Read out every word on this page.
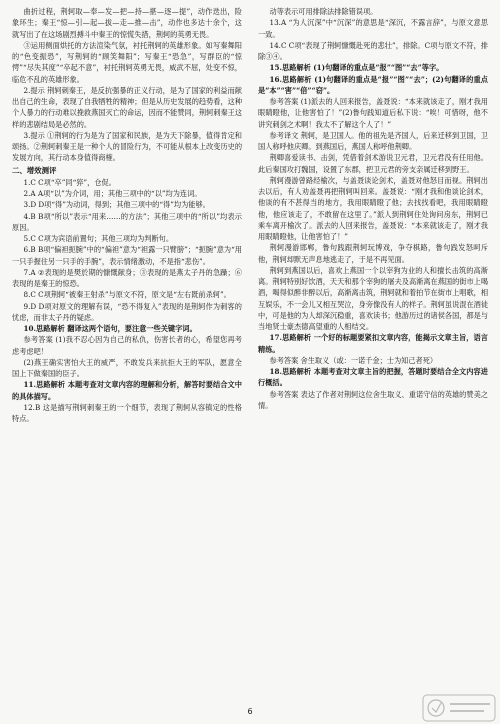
曲折过程，荆轲取—奉—发—把—持—揕—逐—提”，动作迭出，险象环生；秦王“惊—引—起—拔—走—推—击”，动作也多达十余个，这就写出了在这场剧烈搏斗中秦王的惊慌失措，荆轲的英勇无畏。

③运用侧面烘托的方法渲染气氛，衬托荆轲的英雄形象。如写秦舞阳的“色变振恐”，写荆轲的“顾笑舞阳”；写秦王“恐急”，写群臣的“惊愕”“尽失其度”“卒起不意”，衬托荆轲英勇无畏，威武不屈，处变不惊，临危不乱的英雄形象。

2.提示 荆轲刺秦王，是反抗强暴的正义行动，是为了国家的利益而献出自己的生命，表现了自我牺牲的精神；但是从历史发展的趋势看，这种个人暴力的行动难以挽救燕国灭亡的命运，因而不能赞同，荆轲刺秦王这样的悲剧结局是必然的。

3.提示 ①荆轲的行为是为了国家和民族，是为天下除暴，值得肯定和颂扬。②荆轲刺秦王是一种个人的冒险行为，不可能从根本上改变历史的发展方向，其行动本身值得商榷。

二、增效测评

1.C C项“卒”同“猝”，仓促。

2.A A项“以”为介词，用；其他三项中的“以”均为连词。

3.D D项“得”为动词，得到；其他三项中的“得”均为能够。

4.B B项“所以”表示“用来……的方法”；其他三项中的“所以”均表示原因。

5.C C项为宾语前置句；其他三项均为判断句。

6.B B项“偏袒扼腕”中的“偏袒”意为“袒露一只臂膀”；“扼腕”意为“用一只手握住另一只手的手腕”，表示情绪激动，不是指“悲伤”。

7.A ②表现的是樊於期的慷慨献身；③表现的是燕太子丹的急躁；⑥表现的是秦王的惊恐。

8.C C项荆轲“被秦王射杀”与原文不符，原文是“左右既前杀轲”。

9.D D项对原文的理解有误，“恐不得复入”表现的是荆轲作为刺客的忧虑，而非太子丹的疑虑。

10.思路解析 翻译这两个语句，要注意一些关键字词。

参考答案 (1)我不忍心因为自己的私仇，伤害长者的心，希望您再考虑考虑吧！

(2)燕王确实害怕大王的威严，不敢发兵来抗拒大王的军队，愿意全国上下做秦国的臣子。

11.思路解析 本题考查对文章内容的理解和分析，解答时要结合文中的具体描写。

12.B 这是描写荆轲刺秦王的一个细节，表现了荆轲从容镇定的性格特点。

动等表示可用排除法排除错误项。

13.A “为人沉深”中“沉深”的意思是“深沉，不露言辞”，与原文意思一致。

14.C C项“表现了荆轲慷慨赴死的悲壮”，排除。C项与原文不符，排除③④。

15.思路解析 (1)句翻译的重点是“报”“图”“去”等字。

16.思路解析 (1)句翻译的重点是“报”“图”“去”；(2)句翻译的重点是“本”“害”“倍”“窃”。

参考答案 (1)派去的人回来报告，盖聂说：“本来就该走了，刚才我用眼睛瞪他，让他害怕了！”(2)鲁句践知道后私下说：“唉！可惜呀，他不讲究刺剑之术啊！我太不了解这个人了！”

参考译文 荆轲，是卫国人。他的祖先是齐国人，后来迁移到卫国，卫国人称呼他庆卿。到燕国后，燕国人称呼他荆卿。

荆卿喜爱读书、击剑，凭借着剑术游说卫元君，卫元君没有任用他。此后秦国攻打魏国，设置了东郡，把卫元君的旁支亲属迁移到野王。

荆轲漫游曾路经榆次，与盖聂谈论剑术，盖聂对他怒目而视。荆轲出去以后，有人劝盖聂再把荆轲叫回来。盖聂说：“刚才我和他谈论剑术，他谈的有不甚得当的地方，我用眼睛瞪了他；去找找看吧，我用眼睛瞪他，他应该走了，不敢留在这里了。”派人到荆轲住处询问房东，荆轲已乘车离开榆次了。派去的人回来报告，盖聂说：“本来就该走了，刚才我用眼睛瞪他，让他害怕了！”

荆轲漫游邯郸，鲁句践跟荆轲玩博戏，争夺棋路，鲁句践发怒呵斥他，荆轲却默无声息地逃走了，于是不再见面。

荆轲到燕国以后，喜欢上燕国一个以宰狗为业的人和擅长击筑的高渐离。荆轲特别好饮酒，天天和那个宰狗的屠夫及高渐离在燕国的街市上喝酒，喝得似醉非醉以后，高渐离击筑，荆轲就和着拍节在街市上唱歌，相互娱乐，不一会儿又相互哭泣，身旁像没有人的样子。荆轲虽说混在酒徒中，可是他的为人却深沉稳重，喜欢读书；他游历过的诸侯各国，都是与当地贤士豪杰德高望重的人相结交。

17.思路解析 一个好的标题要紧扣文章内容，能揭示文章主旨，语言精练。

参考答案 舍生取义（或：一诺千金；士为知己者死）

18.思路解析 本题考查对文章主旨的把握，答题时要结合全文内容进行概括。

参考答案 表达了作者对荆轲这位舍生取义、重诺守信的英雄的赞美之情。

6
